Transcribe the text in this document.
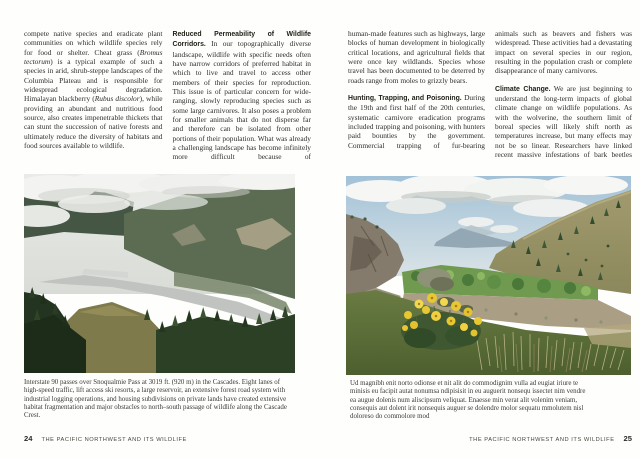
compete native species and eradicate plant communities on which wildlife species rely for food or shelter. Cheat grass (Bromus tectorum) is a typical example of such a species in arid, shrub-steppe landscapes of the Columbia Plateau and is responsible for widespread ecological degradation. Himalayan blackberry (Rubus discolor), while providing an abundant and nutritious food source, also creates impenetrable thickets that can stunt the succession of native forests and ultimately reduce the diversity of habitats and food sources available to wildlife.

Reduced Permeability of Wildlife Corridors. In our topographically diverse landscape, wildlife with specific needs often have narrow corridors of preferred habitat in which to live and travel to access other members of their species for reproduction. This issue is of particular concern for wide-ranging, slowly reproducing species such as some large carnivores. It also poses a problem for smaller animals that do not disperse far and therefore can be isolated from other portions of their population. What was already a challenging landscape has become infinitely more difficult because of

human-made features such as highways, large blocks of human development in biologically critical locations, and agricultural fields that were once key wildlands. Species whose travel has been documented to be deterred by roads range from moles to grizzly bears.

Hunting, Trapping, and Poisoning. During the 19th and first half of the 20th centuries, systematic carnivore eradication programs included trapping and poisoning, with hunters paid bounties by the government. Commercial trapping of fur-bearing

animals such as beavers and fishers was widespread. These activities had a devastating impact on several species in our region, resulting in the population crash or complete disappearance of many carnivores.

Climate Change. We are just beginning to understand the long-term impacts of global climate change on wildlife populations. As with the wolverine, the southern limit of boreal species will likely shift north as temperatures increase, but many effects may not be so linear. Researchers have linked recent massive infestations of bark beetles

Interstate 90 passes over Snoqualmie Pass at 3019 ft. (920 m) in the Cascades. Eight lanes of high-speed traffic, lift access ski resorts, a large reservoir, an extensive forest road system with industrial logging operations, and housing subdivisions on private lands have created extensive habitat fragmentation and major obstacles to north–south passage of wildlife along the Cascade Crest.

Ud magnibh enit norto odionse et nit alit do commodignim vulla ad eugiat iriure te minisis eu facipit autat nonumsa ndipisisit in eu auguerit nonsequ issectet nim vendre ea augue dolenis num aliscipsum veliquat. Enaesse min verat alit volenim veniam, consequis aut dolent irit nonsequis auguer se dolendre molor sequatu mmolutem nisl doloreso do commolore mod

24 THE PACIFIC NORTHWEST AND ITS WILDLIFE	THE PACIFIC NORTHWEST AND ITS WILDLIFE 25
